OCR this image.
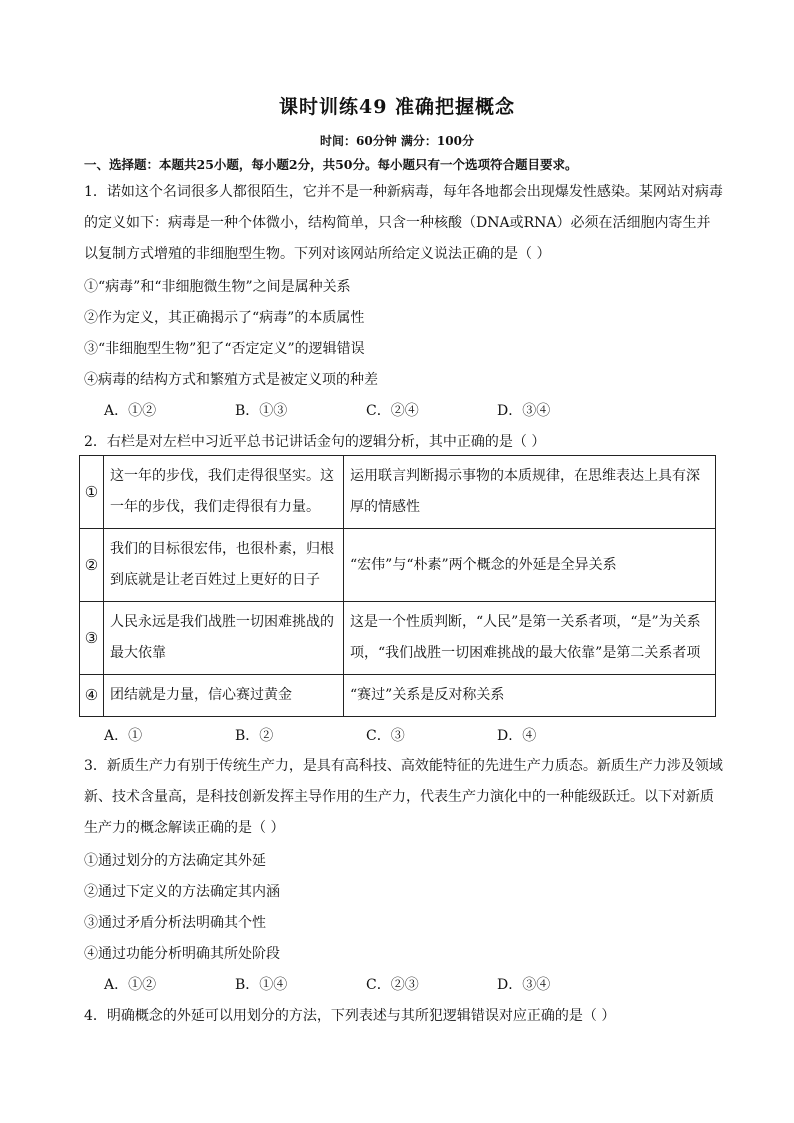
课时训练49 准确把握概念
时间：60分钟 满分：100分
一、选择题：本题共25小题，每小题2分，共50分。每小题只有一个选项符合题目要求。
1．诺如这个名词很多人都很陌生，它并不是一种新病毒，每年各地都会出现爆发性感染。某网站对病毒的定义如下：病毒是一种个体微小，结构简单，只含一种核酸（DNA或RNA）必须在活细胞内寄生并以复制方式增殖的非细胞型生物。下列对该网站所给定义说法正确的是（ ）
①“病毒”和“非细胞微生物”之间是属种关系
②作为定义，其正确揭示了“病毒”的本质属性
③“非细胞型生物”犯了“否定定义”的逻辑错误
④病毒的结构方式和繁殖方式是被定义项的种差
A．①②	B．①③	C．②④	D．③④
2．右栏是对左栏中习近平总书记讲话金句的逻辑分析，其中正确的是（ ）
①	这一年的步伐，我们走得很坚实。这一年的步伐，我们走得很有力量。	运用联言判断揭示事物的本质规律，在思维表达上具有深厚的情感性
②	我们的目标很宏伟，也很朴素，归根到底就是让老百姓过上更好的日子	“宏伟”与“朴素”两个概念的外延是全异关系
③	人民永远是我们战胜一切困难挑战的最大依靠	这是一个性质判断，“人民”是第一关系者项，“是”为关系项，“我们战胜一切困难挑战的最大依靠”是第二关系者项
④	团结就是力量，信心赛过黄金	“赛过”关系是反对称关系
A．①	B．②	C．③	D．④
3．新质生产力有别于传统生产力，是具有高科技、高效能特征的先进生产力质态。新质生产力涉及领域新、技术含量高，是科技创新发挥主导作用的生产力，代表生产力演化中的一种能级跃迁。以下对新质生产力的概念解读正确的是（ ）
①通过划分的方法确定其外延
②通过下定义的方法确定其内涵
③通过矛盾分析法明确其个性
④通过功能分析明确其所处阶段
A．①②	B．①④	C．②③	D．③④
4．明确概念的外延可以用划分的方法，下列表述与其所犯逻辑错误对应正确的是（ ）
